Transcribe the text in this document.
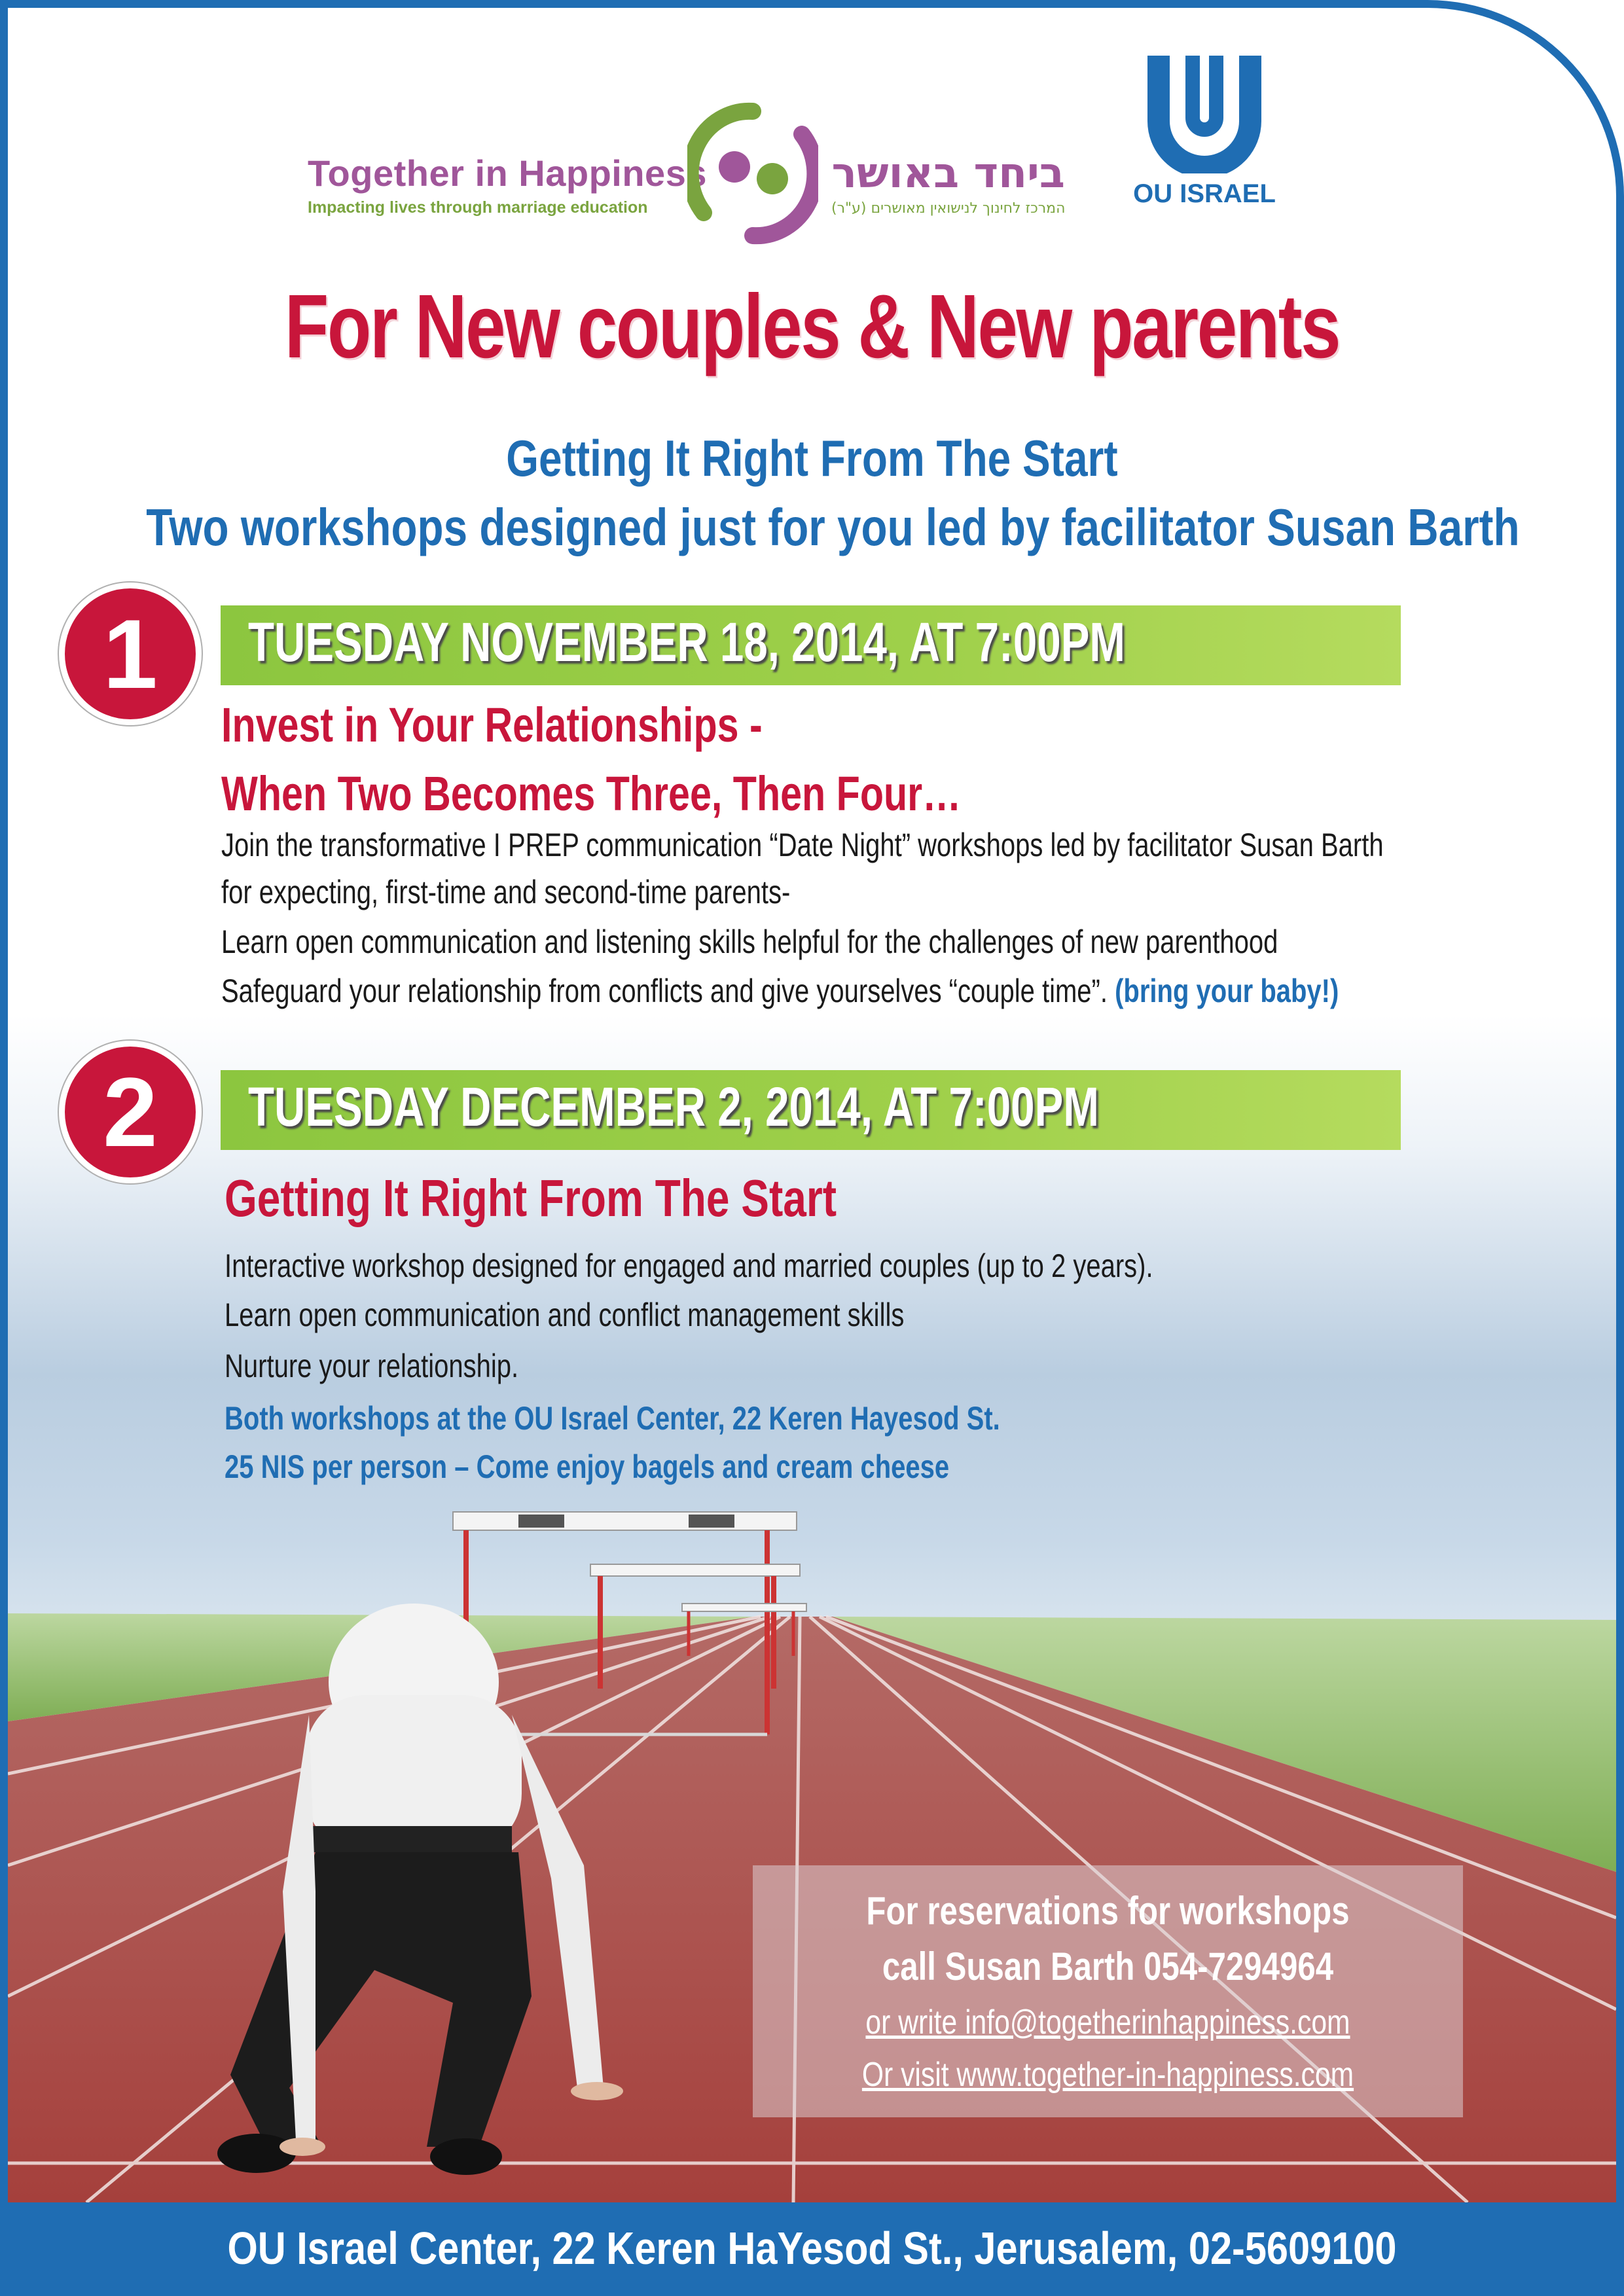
Together in Happiness
Impacting lives through marriage education
ביחד באושר
המרכז לחינוך לנישואין מאושרים (ע"ר)
OU ISRAEL
For New couples & New parents
Getting It Right From The Start
Two workshops designed just for you led by facilitator Susan Barth
1	TUESDAY NOVEMBER 18, 2014, AT 7:00PM
Invest in Your Relationships -
When Two Becomes Three, Then Four…
Join the transformative I PREP communication “Date Night” workshops led by facilitator Susan Barth
for expecting, first-time and second-time parents-
Learn open communication and listening skills helpful for the challenges of new parenthood
Safeguard your relationship from conflicts and give yourselves “couple time”. (bring your baby!)
2	TUESDAY DECEMBER 2, 2014, AT 7:00PM
Getting It Right From The Start
Interactive workshop designed for engaged and married couples (up to 2 years).
Learn open communication and conflict management skills
Nurture your relationship.
Both workshops at the OU Israel Center, 22 Keren Hayesod St.
25 NIS per person – Come enjoy bagels and cream cheese
For reservations for workshops
call Susan Barth 054-7294964
or write info@togetherinhappiness.com
Or visit www.together-in-happiness.com
OU Israel Center, 22 Keren HaYesod St., Jerusalem, 02-5609100
